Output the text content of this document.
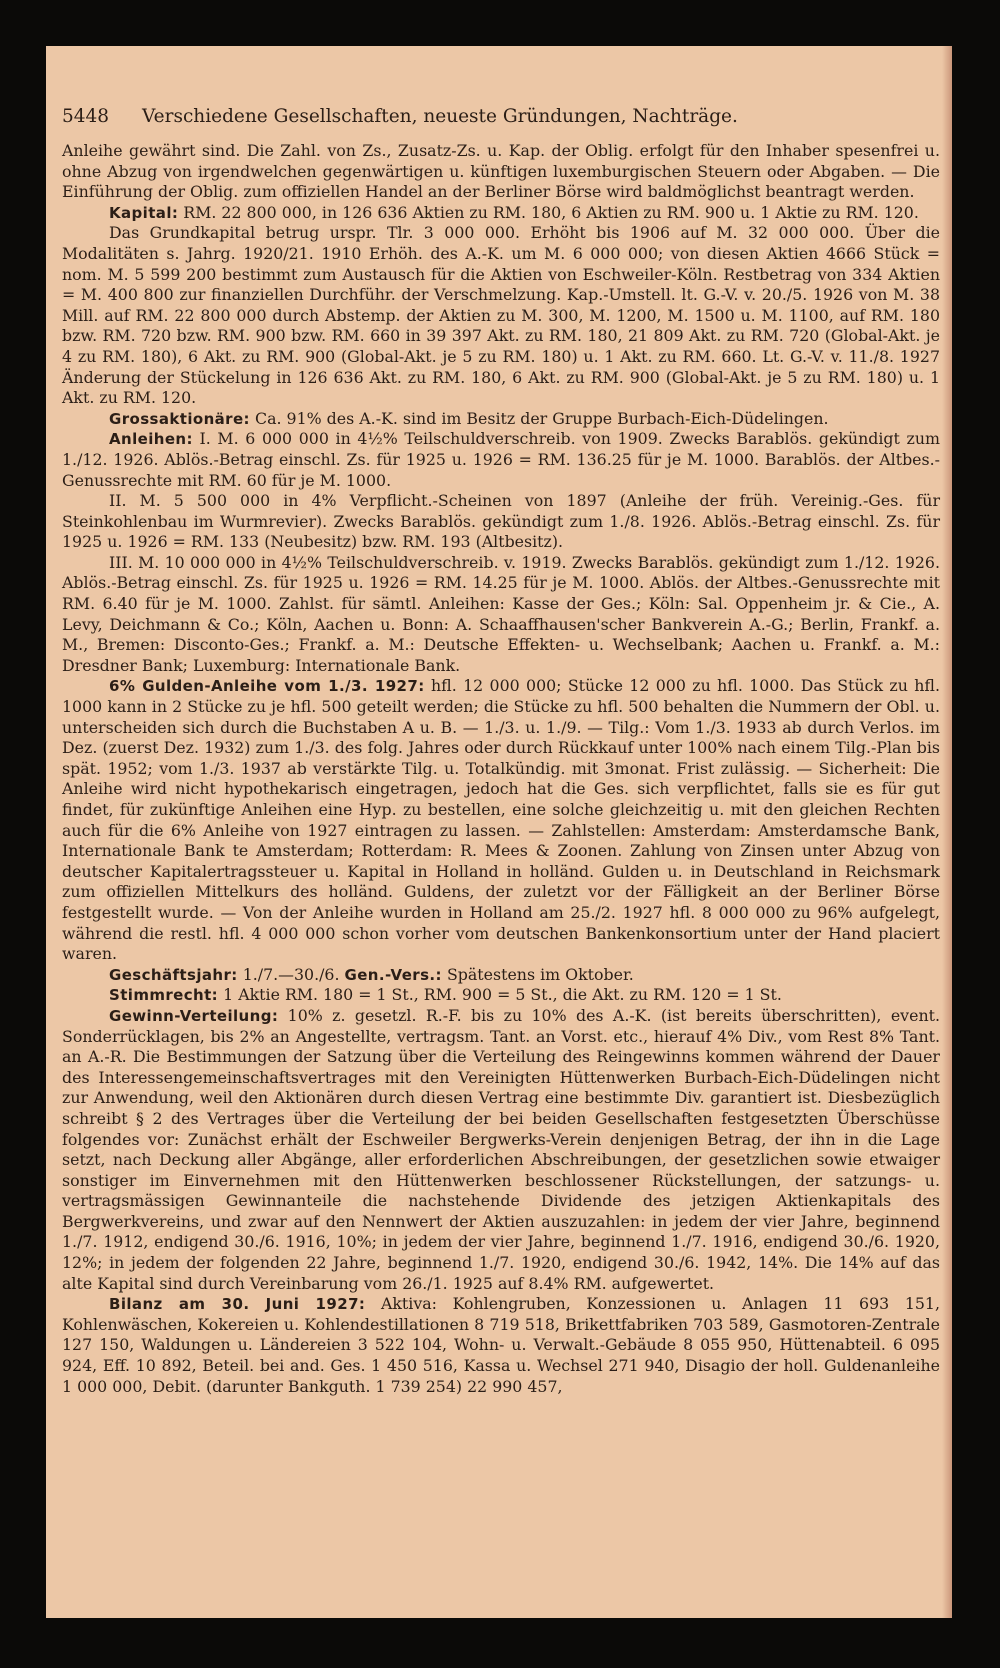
5448 Verschiedene Gesellschaften, neueste Gründungen, Nachträge.

Anleihe gewährt sind. Die Zahl. von Zs., Zusatz-Zs. u. Kap. der Oblig. erfolgt für den Inhaber spesenfrei u. ohne Abzug von irgendwelchen gegenwärtigen u. künftigen luxemburgischen Steuern oder Abgaben. — Die Einführung der Oblig. zum offiziellen Handel an der Berliner Börse wird baldmöglichst beantragt werden.

Kapital: RM. 22 800 000, in 126 636 Aktien zu RM. 180, 6 Aktien zu RM. 900 u. 1 Aktie zu RM. 120.

Das Grundkapital betrug urspr. Tlr. 3 000 000. Erhöht bis 1906 auf M. 32 000 000. Über die Modalitäten s. Jahrg. 1920/21. 1910 Erhöh. des A.-K. um M. 6 000 000; von diesen Aktien 4666 Stück = nom. M. 5 599 200 bestimmt zum Austausch für die Aktien von Eschweiler-Köln. Restbetrag von 334 Aktien = M. 400 800 zur finanziellen Durchführ. der Verschmelzung. Kap.-Umstell. lt. G.-V. v. 20./5. 1926 von M. 38 Mill. auf RM. 22 800 000 durch Abstemp. der Aktien zu M. 300, M. 1200, M. 1500 u. M. 1100, auf RM. 180 bzw. RM. 720 bzw. RM. 900 bzw. RM. 660 in 39 397 Akt. zu RM. 180, 21 809 Akt. zu RM. 720 (Global-Akt. je 4 zu RM. 180), 6 Akt. zu RM. 900 (Global-Akt. je 5 zu RM. 180) u. 1 Akt. zu RM. 660. Lt. G.-V. v. 11./8. 1927 Änderung der Stückelung in 126 636 Akt. zu RM. 180, 6 Akt. zu RM. 900 (Global-Akt. je 5 zu RM. 180) u. 1 Akt. zu RM. 120.

Grossaktionäre: Ca. 91% des A.-K. sind im Besitz der Gruppe Burbach-Eich-Düdelingen.

Anleihen: I. M. 6 000 000 in 4½% Teilschuldverschreib. von 1909. Zwecks Barablös. gekündigt zum 1./12. 1926. Ablös.-Betrag einschl. Zs. für 1925 u. 1926 = RM. 136.25 für je M. 1000. Barablös. der Altbes.-Genussrechte mit RM. 60 für je M. 1000.

II. M. 5 500 000 in 4% Verpflicht.-Scheinen von 1897 (Anleihe der früh. Vereinig.-Ges. für Steinkohlenbau im Wurmrevier). Zwecks Barablös. gekündigt zum 1./8. 1926. Ablös.-Betrag einschl. Zs. für 1925 u. 1926 = RM. 133 (Neubesitz) bzw. RM. 193 (Altbesitz).

III. M. 10 000 000 in 4½% Teilschuldverschreib. v. 1919. Zwecks Barablös. gekündigt zum 1./12. 1926. Ablös.-Betrag einschl. Zs. für 1925 u. 1926 = RM. 14.25 für je M. 1000. Ablös. der Altbes.-Genussrechte mit RM. 6.40 für je M. 1000. Zahlst. für sämtl. Anleihen: Kasse der Ges.; Köln: Sal. Oppenheim jr. & Cie., A. Levy, Deichmann & Co.; Köln, Aachen u. Bonn: A. Schaaffhausen'scher Bankverein A.-G.; Berlin, Frankf. a. M., Bremen: Disconto-Ges.; Frankf. a. M.: Deutsche Effekten- u. Wechselbank; Aachen u. Frankf. a. M.: Dresdner Bank; Luxemburg: Internationale Bank.

6% Gulden-Anleihe vom 1./3. 1927: hfl. 12 000 000; Stücke 12 000 zu hfl. 1000. Das Stück zu hfl. 1000 kann in 2 Stücke zu je hfl. 500 geteilt werden; die Stücke zu hfl. 500 behalten die Nummern der Obl. u. unterscheiden sich durch die Buchstaben A u. B. — 1./3. u. 1./9. — Tilg.: Vom 1./3. 1933 ab durch Verlos. im Dez. (zuerst Dez. 1932) zum 1./3. des folg. Jahres oder durch Rückkauf unter 100% nach einem Tilg.-Plan bis spät. 1952; vom 1./3. 1937 ab verstärkte Tilg. u. Totalkündig. mit 3monat. Frist zulässig. — Sicherheit: Die Anleihe wird nicht hypothekarisch eingetragen, jedoch hat die Ges. sich verpflichtet, falls sie es für gut findet, für zukünftige Anleihen eine Hyp. zu bestellen, eine solche gleichzeitig u. mit den gleichen Rechten auch für die 6% Anleihe von 1927 eintragen zu lassen. — Zahlstellen: Amsterdam: Amsterdamsche Bank, Internationale Bank te Amsterdam; Rotterdam: R. Mees & Zoonen. Zahlung von Zinsen unter Abzug von deutscher Kapitalertragssteuer u. Kapital in Holland in holländ. Gulden u. in Deutschland in Reichsmark zum offiziellen Mittelkurs des holländ. Guldens, der zuletzt vor der Fälligkeit an der Berliner Börse festgestellt wurde. — Von der Anleihe wurden in Holland am 25./2. 1927 hfl. 8 000 000 zu 96% aufgelegt, während die restl. hfl. 4 000 000 schon vorher vom deutschen Bankenkonsortium unter der Hand placiert waren.

Geschäftsjahr: 1./7.—30./6. Gen.-Vers.: Spätestens im Oktober.

Stimmrecht: 1 Aktie RM. 180 = 1 St., RM. 900 = 5 St., die Akt. zu RM. 120 = 1 St.

Gewinn-Verteilung: 10% z. gesetzl. R.-F. bis zu 10% des A.-K. (ist bereits überschritten), event. Sonderrücklagen, bis 2% an Angestellte, vertragsm. Tant. an Vorst. etc., hierauf 4% Div., vom Rest 8% Tant. an A.-R. Die Bestimmungen der Satzung über die Verteilung des Reingewinns kommen während der Dauer des Interessengemeinschaftsvertrages mit den Vereinigten Hüttenwerken Burbach-Eich-Düdelingen nicht zur Anwendung, weil den Aktionären durch diesen Vertrag eine bestimmte Div. garantiert ist. Diesbezüglich schreibt § 2 des Vertrages über die Verteilung der bei beiden Gesellschaften festgesetzten Überschüsse folgendes vor: Zunächst erhält der Eschweiler Bergwerks-Verein denjenigen Betrag, der ihn in die Lage setzt, nach Deckung aller Abgänge, aller erforderlichen Abschreibungen, der gesetzlichen sowie etwaiger sonstiger im Einvernehmen mit den Hüttenwerken beschlossener Rückstellungen, der satzungs- u. vertragsmässigen Gewinnanteile die nachstehende Dividende des jetzigen Aktienkapitals des Bergwerkvereins, und zwar auf den Nennwert der Aktien auszuzahlen: in jedem der vier Jahre, beginnend 1./7. 1912, endigend 30./6. 1916, 10%; in jedem der vier Jahre, beginnend 1./7. 1916, endigend 30./6. 1920, 12%; in jedem der folgenden 22 Jahre, beginnend 1./7. 1920, endigend 30./6. 1942, 14%. Die 14% auf das alte Kapital sind durch Vereinbarung vom 26./1. 1925 auf 8.4% RM. aufgewertet.

Bilanz am 30. Juni 1927: Aktiva: Kohlengruben, Konzessionen u. Anlagen 11 693 151, Kohlenwäschen, Kokereien u. Kohlendestillationen 8 719 518, Brikettfabriken 703 589, Gasmotoren-Zentrale 127 150, Waldungen u. Ländereien 3 522 104, Wohn- u. Verwalt.-Gebäude 8 055 950, Hüttenabteil. 6 095 924, Eff. 10 892, Beteil. bei and. Ges. 1 450 516, Kassa u. Wechsel 271 940, Disagio der holl. Guldenanleihe 1 000 000, Debit. (darunter Bankguth. 1 739 254) 22 990 457,
